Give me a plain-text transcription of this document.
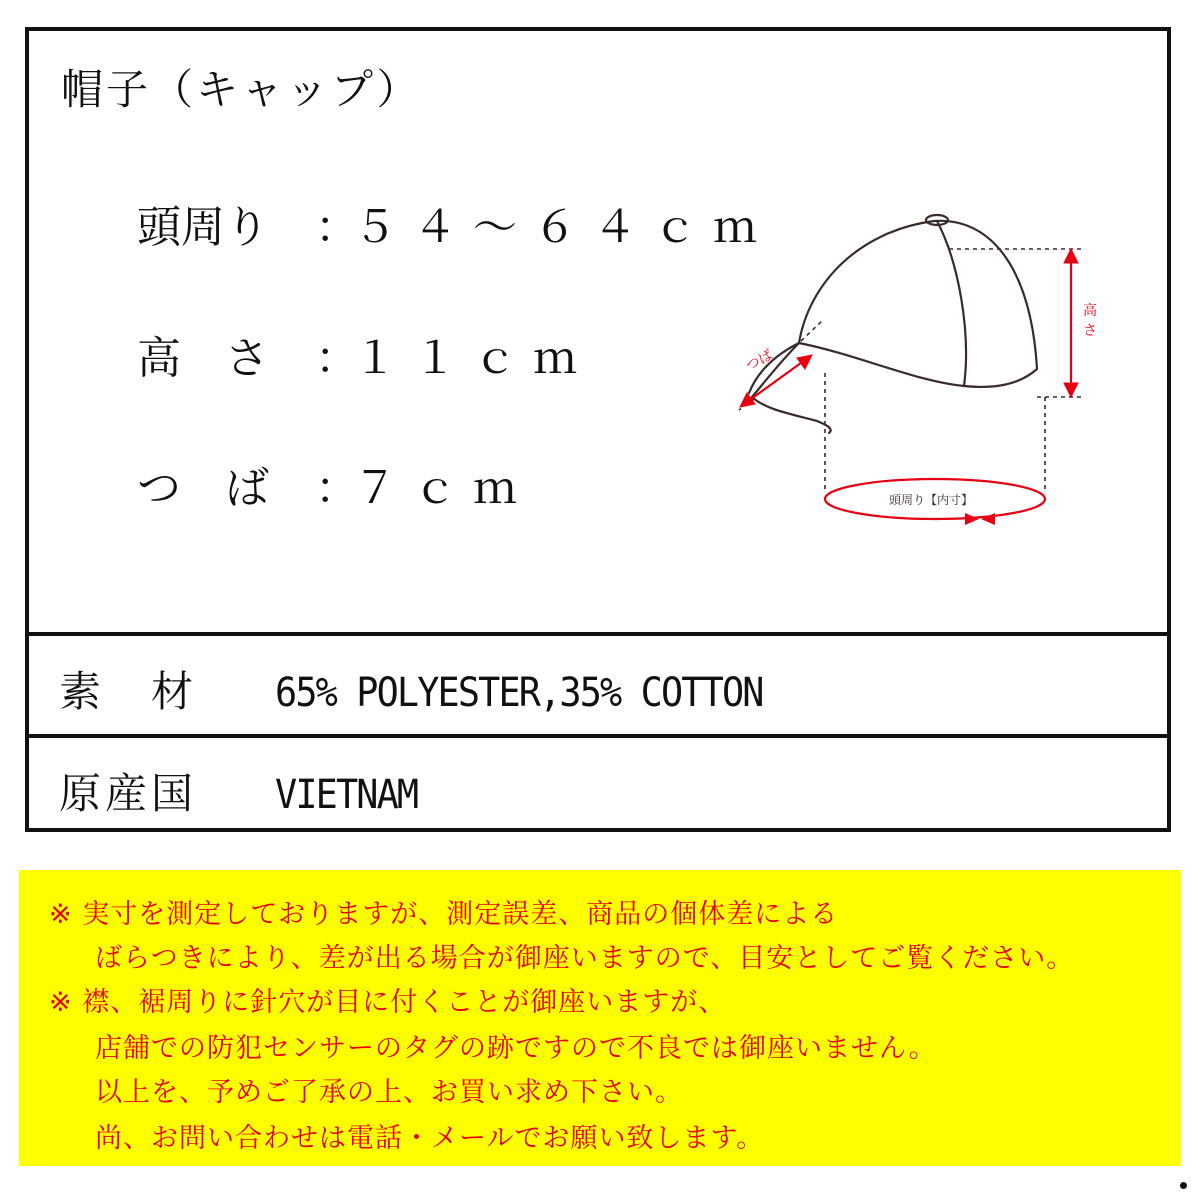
帽子（キャップ）
頭周り ：５４～６４ｃｍ
高　さ ：１１ｃｍ
つ　ば ：７ｃｍ
高
さ
つば
頭周り【内寸】
素　材 65% POLYESTER,35% COTTON
原産国 VIETNAM
※ 実寸を測定しておりますが、測定誤差、商品の個体差による
ばらつきにより、差が出る場合が御座いますので、目安としてご覧ください。
※ 襟、裾周りに針穴が目に付くことが御座いますが、
店舗での防犯センサーのタグの跡ですので不良では御座いません。
以上を、予めご了承の上、お買い求め下さい。
尚、お問い合わせは電話・メールでお願い致します。
